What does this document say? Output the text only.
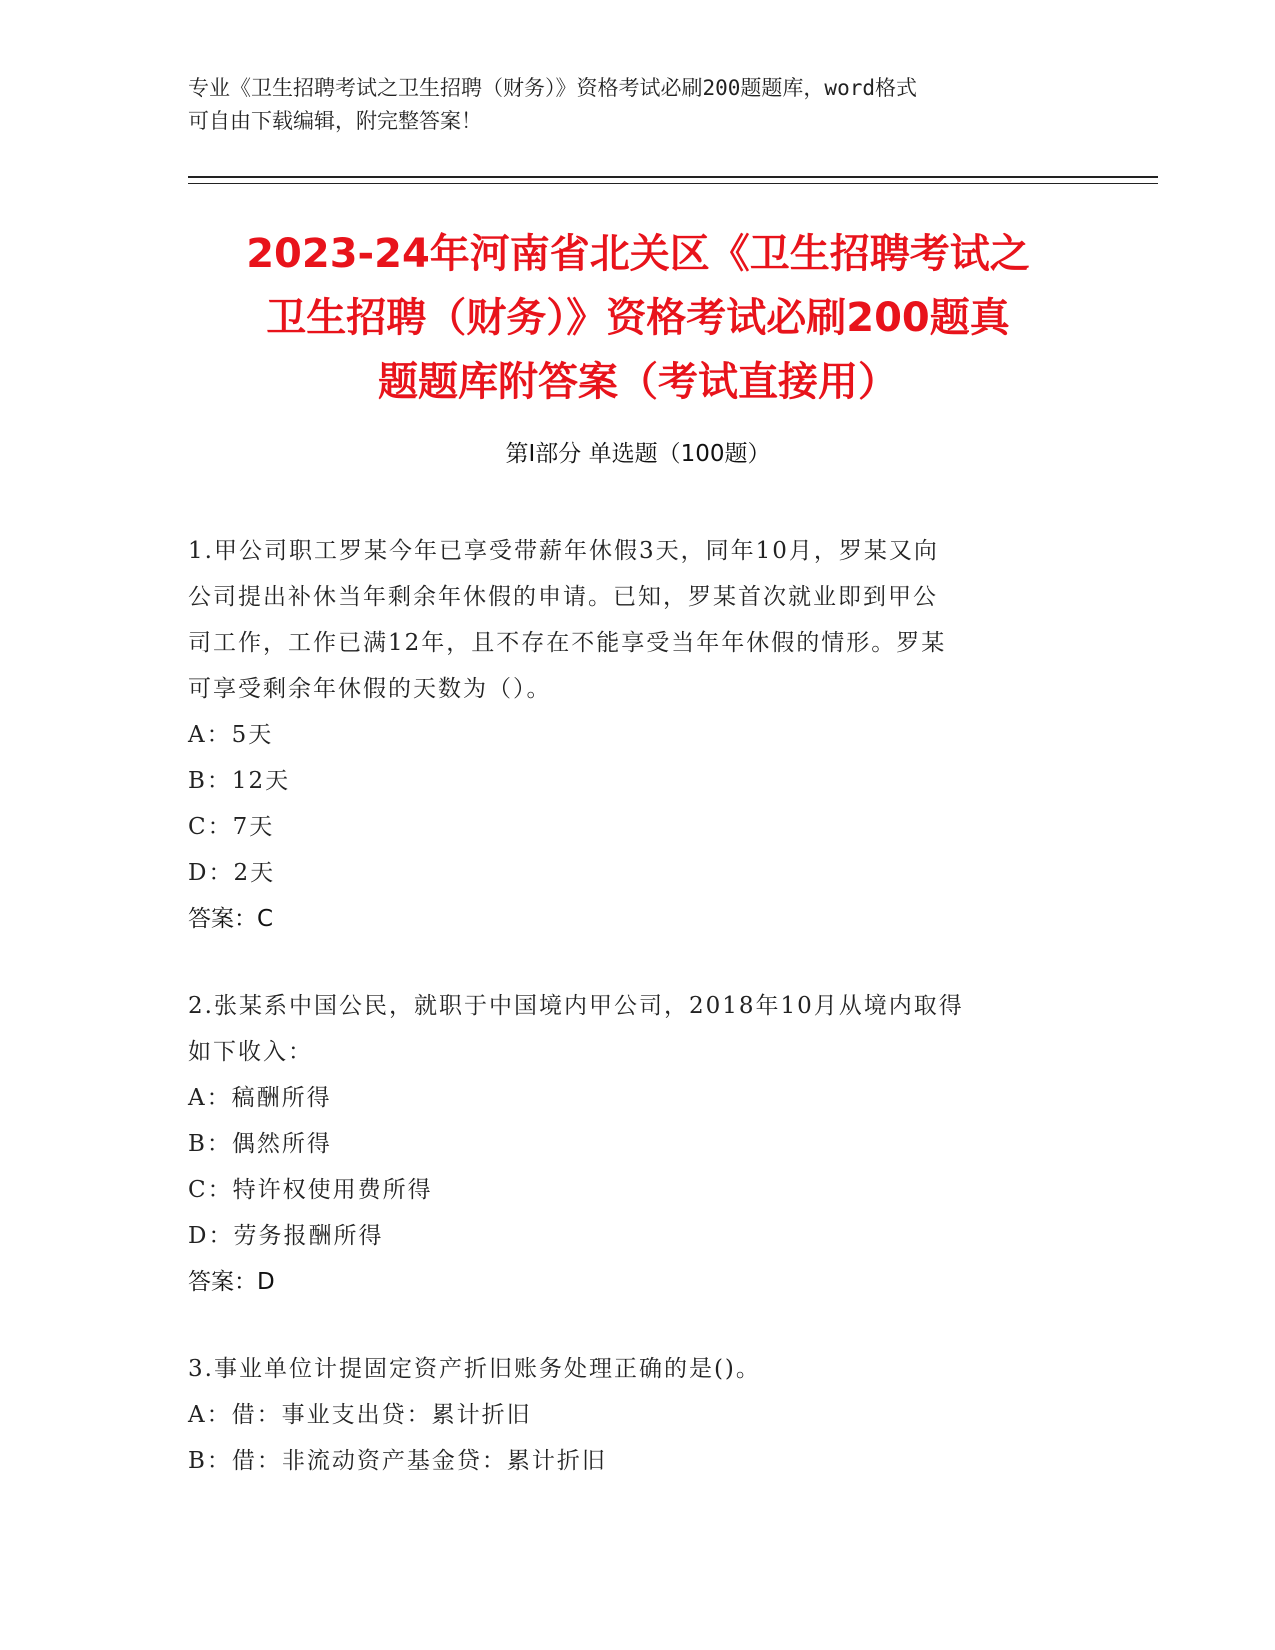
专业《卫生招聘考试之卫生招聘（财务）》资格考试必刷200题题库，word格式
可自由下载编辑，附完整答案！
2023-24年河南省北关区《卫生招聘考试之
卫生招聘（财务）》资格考试必刷200题真
题题库附答案（考试直接用）
第Ⅰ部分 单选题（100题）
1.甲公司职工罗某今年已享受带薪年休假3天，同年10月，罗某又向
公司提出补休当年剩余年休假的申请。已知，罗某首次就业即到甲公
司工作，工作已满12年，且不存在不能享受当年年休假的情形。罗某
可享受剩余年休假的天数为（）。
A：5天
B：12天
C：7天
D：2天
答案：C
2.张某系中国公民，就职于中国境内甲公司，2018年10月从境内取得
如下收入：
A：稿酬所得
B：偶然所得
C：特许权使用费所得
D：劳务报酬所得
答案：D
3.事业单位计提固定资产折旧账务处理正确的是()。
A：借：事业支出贷：累计折旧
B：借：非流动资产基金贷：累计折旧
